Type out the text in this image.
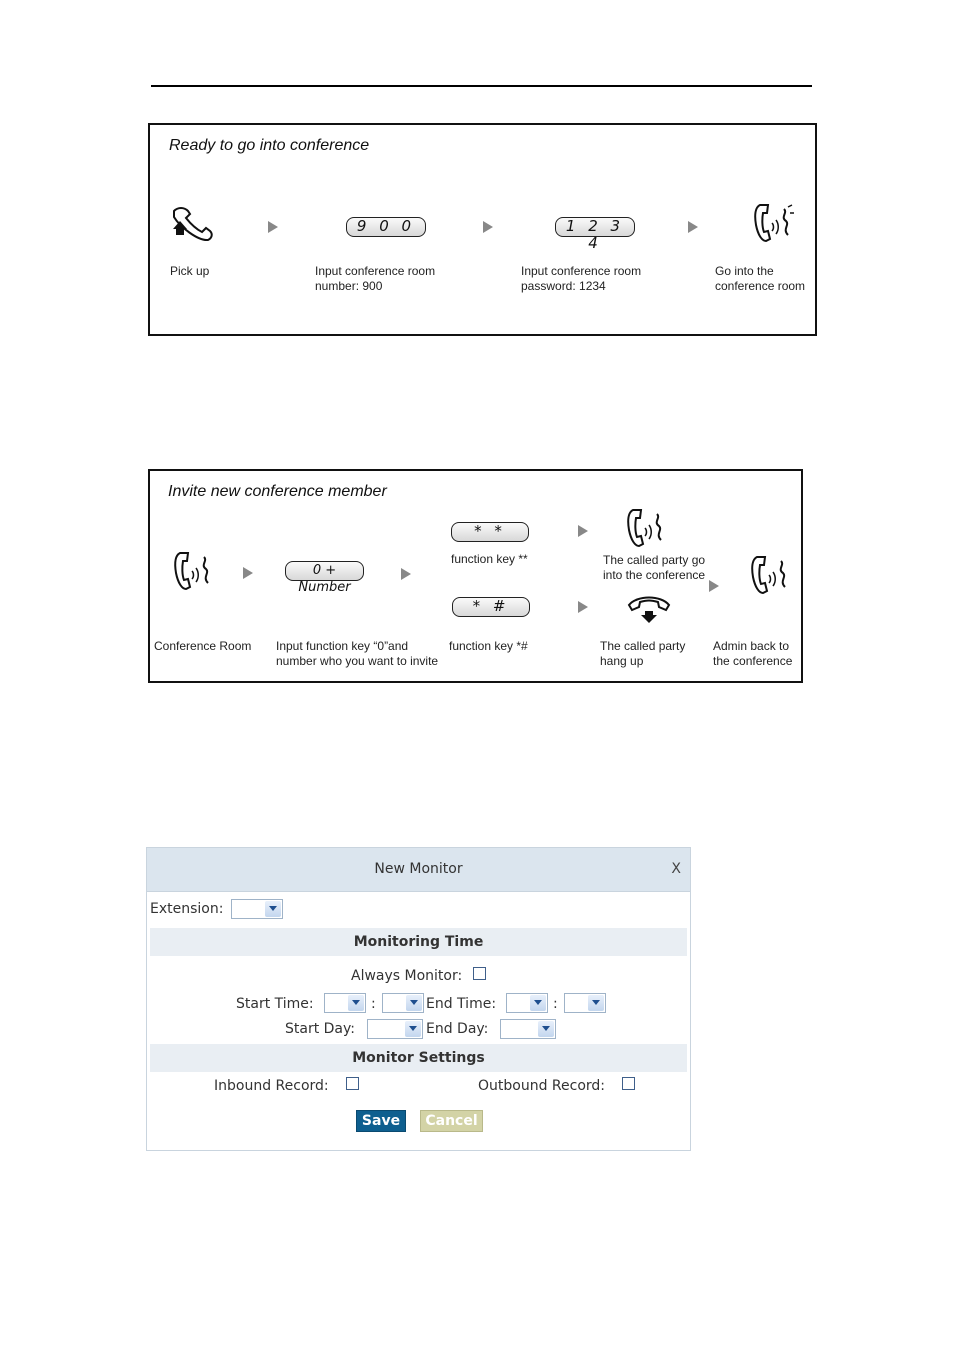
Ready to go into conference
9 0 0	1 2 3 4
Pick up	Input conference room
number: 900
Input conference room
password: 1234
Go into the
conference room
Invite new conference member
0 + Number
* *
function key **
* #
The called party go
into the conference
Conference Room Input function key “0”and
number who you want to invite
function key *#	The called party
hang up
Admin back to
the conference
New Monitor	X
Extension:
Monitoring Time
Always Monitor:
Start Time:	:	End Time:	:
Start Day:	End Day:
Monitor Settings
Inbound Record:	Outbound Record:
Save	Cancel
